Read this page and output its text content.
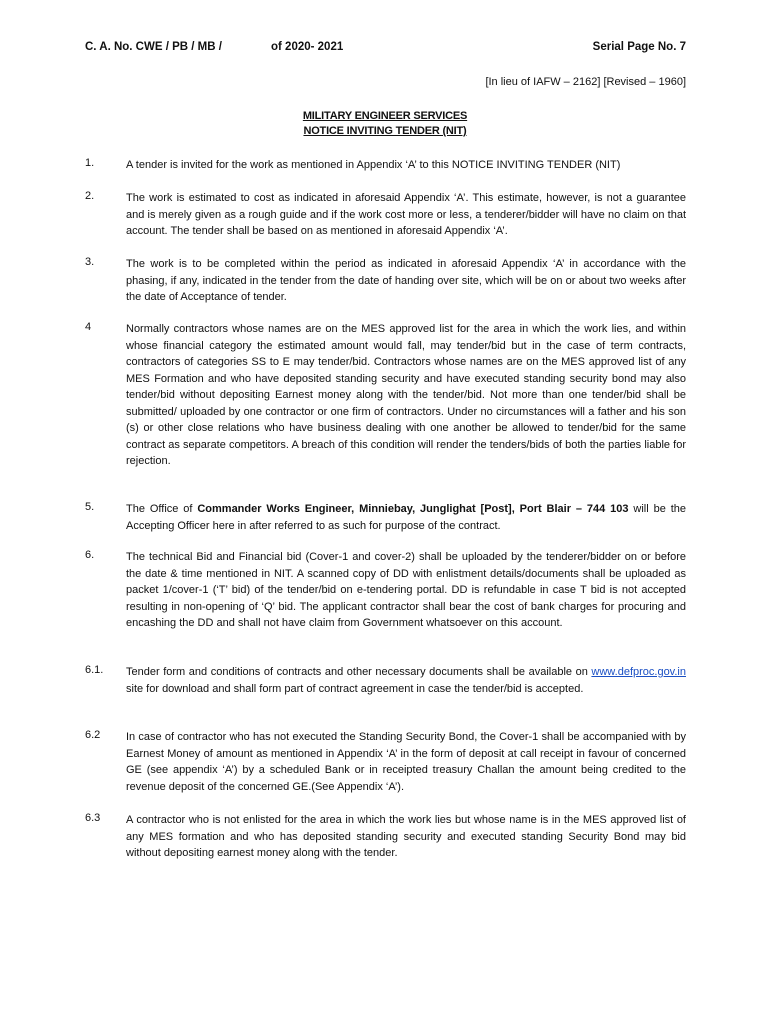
C. A. No. CWE / PB / MB /	of 2020- 2021	Serial Page No. 7
[In lieu of IAFW – 2162] [Revised – 1960]
MILITARY ENGINEER SERVICES
NOTICE INVITING TENDER (NIT)
1.	A tender is invited for the work as mentioned in Appendix ‘A’ to this NOTICE INVITING TENDER (NIT)
2.	The work is estimated to cost as indicated in aforesaid Appendix ‘A’. This estimate, however, is not a guarantee and is merely given as a rough guide and if the work cost more or less, a tenderer/bidder will have no claim on that account. The tender shall be based on as mentioned in aforesaid Appendix ‘A’.
3.	The work is to be completed within the period as indicated in aforesaid Appendix ‘A’ in accordance with the phasing, if any, indicated in the tender from the date of handing over site, which will be on or about two weeks after the date of Acceptance of tender.
4	Normally contractors whose names are on the MES approved list for the area in which the work lies, and within whose financial category the estimated amount would fall, may tender/bid but in the case of term contracts, contractors of categories SS to E may tender/bid. Contractors whose names are on the MES approved list of any MES Formation and who have deposited standing security and have executed standing security bond may also tender/bid without depositing Earnest money along with the tender/bid. Not more than one tender/bid shall be submitted/ uploaded by one contractor or one firm of contractors. Under no circumstances will a father and his son (s) or other close relations who have business dealing with one another be allowed to tender/bid for the same contract as separate competitors. A breach of this condition will render the tenders/bids of both the parties liable for rejection.
5.	The Office of Commander Works Engineer, Minniebay, Junglighat [Post], Port Blair – 744 103 will be the Accepting Officer here in after referred to as such for purpose of the contract.
6.	The technical Bid and Financial bid (Cover-1 and cover-2) shall be uploaded by the tenderer/bidder on or before the date & time mentioned in NIT. A scanned copy of DD with enlistment details/documents shall be uploaded as packet 1/cover-1 (‘T’ bid) of the tender/bid on e-tendering portal. DD is refundable in case T bid is not accepted resulting in non-opening of ‘Q’ bid. The applicant contractor shall bear the cost of bank charges for procuring and encashing the DD and shall not have claim from Government whatsoever on this account.
6.1. Tender form and conditions of contracts and other necessary documents shall be available on www.defproc.gov.in site for download and shall form part of contract agreement in case the tender/bid is accepted.
6.2 In case of contractor who has not executed the Standing Security Bond, the Cover-1 shall be accompanied with by Earnest Money of amount as mentioned in Appendix ‘A’ in the form of deposit at call receipt in favour of concerned GE (see appendix ‘A’) by a scheduled Bank or in receipted treasury Challan the amount being credited to the revenue deposit of the concerned GE.(See Appendix ‘A’).
6.3 A contractor who is not enlisted for the area in which the work lies but whose name is in the MES approved list of any MES formation and who has deposited standing security and executed standing Security Bond may bid without depositing earnest money along with the tender.
